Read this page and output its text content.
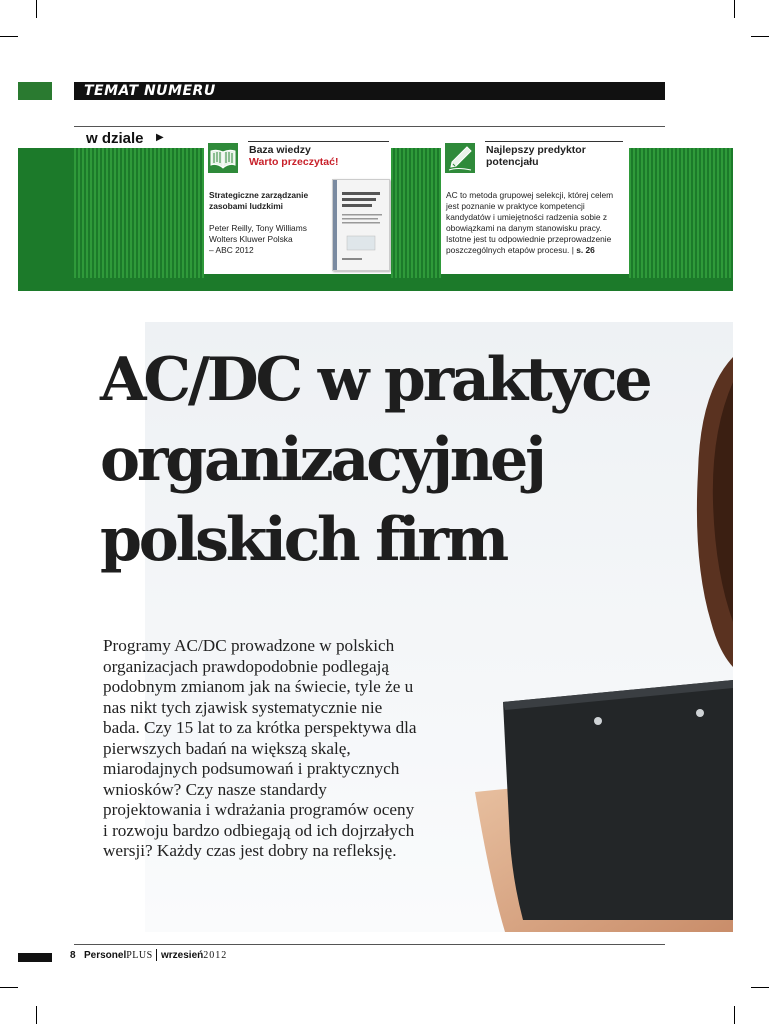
TEMAT NUMERU
w dziale ▶
Baza wiedzy
Warto przeczytać!
Strategiczne zarządzanie zasobami ludzkimi
Peter Reilly, Tony Williams
Wolters Kluwer Polska
– ABC 2012
Najlepszy predyktor potencjału
AC to metoda grupowej selekcji, której celem jest poznanie w praktyce kompetencji kandydatów i umiejętności radzenia sobie z obowiązkami na danym stanowisku pracy. Istotne jest tu odpowiednie przeprowadzenie poszczególnych etapów procesu. | s. 26
AC/DC w praktyce
organizacyjnej
polskich firm
Programy AC/DC prowadzone w polskich organizacjach prawdopodobnie podlegają podobnym zmianom jak na świecie, tyle że u nas nikt tych zjawisk systematycznie nie bada. Czy 15 lat to za krótka perspektywa dla pierwszych badań na większą skalę, miarodajnych podsumowań i praktycznych wniosków? Czy nasze standardy projektowania i wdrażania programów oceny i rozwoju bardzo odbiegają od ich dojrzałych wersji? Każdy czas jest dobry na refleksję.
8 PersonelPLUS wrzesień2012
